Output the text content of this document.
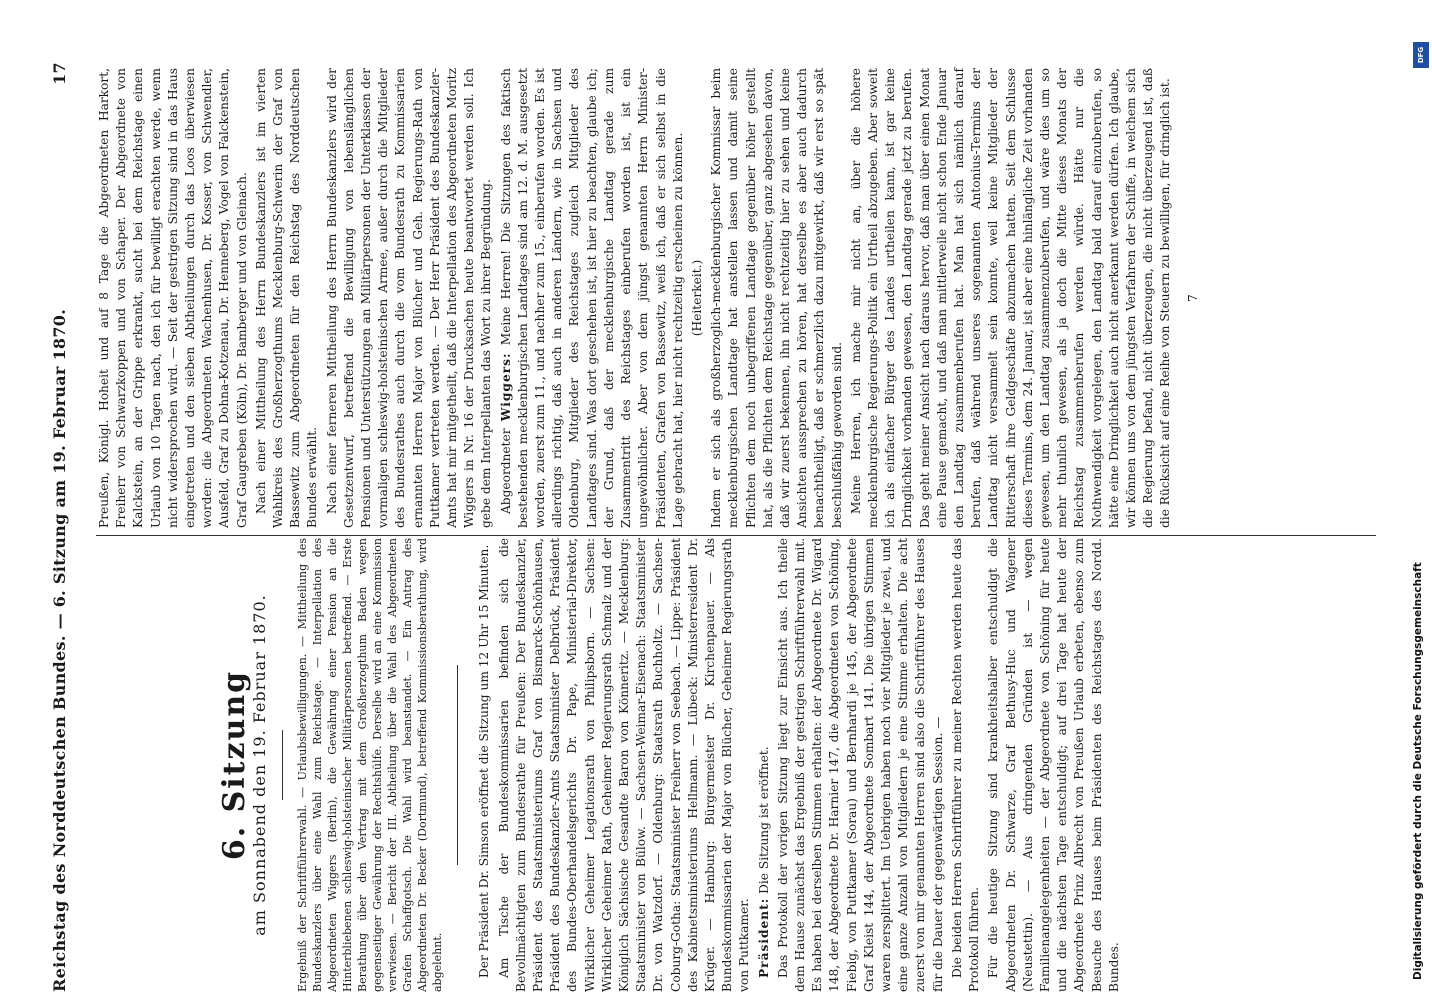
Reichstag des Norddeutschen Bundes. — 6. Sitzung am 19. Februar 1870.
17
6. Sitzung
am Sonnabend den 19. Februar 1870. Ergebniß der Schriftführerwahl. — Urlaubsbewilligungen. — Mittheilung des Bundeskanzlers über eine Wahl zum Reichstage. — Interpellation des Abgeordneten Wiggers (Berlin), die Gewährung einer Pension an die Hinterbliebenen schleswig-holsteinischer Militärpersonen betreffend. — Erste Berathung über den Vertrag mit dem Großherzogthum Baden wegen gegenseitiger Gewährung der Rechtshülfe. Derselbe wird an eine Kommission verwiesen. — Bericht der III. Abtheilung über die Wahl des Abgeordneten Grafen Schaffgotsch. Die Wahl wird beanstandet. — Ein Antrag des Abgeordneten Dr. Becker (Dortmund), betreffend Kommissionsberathung, wird abgelehnt.	Der Präsident Dr. Simson eröffnet die Sitzung um 12 Uhr 15 Minuten. Am Tische der Bundeskommissarien befinden sich die Bevollmächtigten zum Bundesrathe für Preußen: Der Bundeskanzler, Präsident des Staatsministeriums Graf von Bismarck-Schönhausen, Präsident des Bundeskanzler-Amts Staatsminister Delbrück, Präsident des Bundes-Oberhandelsgerichts Dr. Pape, Ministerial-Direktor, Wirklicher Geheimer Legationsrath von Philipsborn. — Sachsen: Wirklicher Geheimer Rath, Geheimer Regierungsrath Schmalz und der Königlich Sächsische Gesandte Baron von Könneritz. — Mecklenburg: Staatsminister von Bülow. — Sachsen-Weimar-Eisenach: Staatsminister Dr. von Watzdorf. — Oldenburg: Staatsrath Buchholtz. — Sachsen-Coburg-Gotha: Staatsminister Freiherr von Seebach. — Lippe: Präsident des Kabinetsministeriums Hellmann. — Lübeck: Ministerresident Dr. Krüger. — Hamburg: Bürgermeister Dr. Kirchenpauer. — Als Bundeskommissarien der Major von Blücher, Geheimer Regierungsrath von Puttkamer. Präsident: Die Sitzung ist eröffnet. Das Protokoll der vorigen Sitzung liegt zur Einsicht aus. Ich theile dem Hause zunächst das Ergebniß der gestrigen Schriftführerwahl mit. Es haben bei derselben Stimmen erhalten: der Abgeordnete Dr. Wigard 148, der Abgeordnete Dr. Harnier 147, die Abgeordneten von Schöning, Fiebig, von Puttkamer (Sorau) und Bernhardi je 145, der Abgeordnete Graf Kleist 144, der Abgeordnete Sombart 141. Die übrigen Stimmen waren zersplittert. Im Uebrigen haben noch vier Mitglieder je zwei, und eine ganze Anzahl von Mitgliedern je eine Stimme erhalten. Die acht zuerst von mir genannten Herren sind also die Schriftführer des Hauses für die Dauer der gegenwärtigen Session. — Die beiden Herren Schriftführer zu meiner Rechten werden heute das Protokoll führen. Für die heutige Sitzung sind krankheitshalber entschuldigt die Abgeordneten Dr. Schwarze, Graf Bethusy-Huc und Wagener (Neustettin). — Aus dringenden Gründen ist — wegen Familienangelegenheiten — der Abgeordnete von Schöning für heute und die nächsten Tage entschuldigt; auf drei Tage hat heute der Abgeordnete Prinz Albrecht von Preußen Urlaub erbeten, ebenso zum Besuche des Hauses beim Präsidenten des Reichstages des Nordd. Bundes.

Preußen, Königl. Hoheit und auf 8 Tage die Abgeordneten Harkort, Freiherr von Schwarzkoppen und von Schaper. Der Abgeordnete von Kalckstein, an der Grippe erkrankt, sucht bei dem Reichstage einen Urlaub von 10 Tagen nach, den ich für bewilligt erachten werde, wenn nicht widersprochen wird. — Seit der gestrigen Sitzung sind in das Haus eingetreten und den sieben Abtheilungen durch das Loos überwiesen worden: die Abgeordneten Wachenhusen, Dr. Kosser, von Schwendler, Ausfeld, Graf zu Dohna-Kotzenau, Dr. Henneberg, Vogel von Falckenstein, Graf Gaugreben (Köln), Dr. Bamberger und von Gleinach. Nach einer Mittheilung des Herrn Bundeskanzlers ist im vierten Wahlkreis des Großherzogthums Mecklenburg-Schwerin der Graf von Bassewitz zum Abgeordneten für den Reichstag des Norddeutschen Bundes erwählt. Nach einer ferneren Mittheilung des Herrn Bundeskanzlers wird der Gesetzentwurf, betreffend die Bewilligung von lebenslänglichen Pensionen und Unterstützungen an Militärpersonen der Unterklassen der vormaligen schleswig-holsteinischen Armee, außer durch die Mitglieder des Bundesrathes auch durch die vom Bundesrath zu Kommissarien ernannten Herren Major von Blücher und Geh. Regierungs-Rath von Puttkamer vertreten werden. — Der Herr Präsident des Bundeskanzler-Amts hat mir mitgetheilt, daß die Interpellation des Abgeordneten Moritz Wiggers in Nr. 16 der Drucksachen heute beantwortet werden soll. Ich gebe dem Interpellanten das Wort zu ihrer Begründung. Abgeordneter Wiggers: Meine Herren! Die Sitzungen des faktisch bestehenden mecklenburgischen Landtages sind am 12. d. M. ausgesetzt worden, zuerst zum 11., und nachher zum 15., einberufen worden. Es ist allerdings richtig, daß auch in anderen Ländern, wie in Sachsen und Oldenburg, Mitglieder des Reichstages zugleich Mitglieder des Landtages sind. Was dort geschehen ist, ist hier zu beachten, glaube ich; der Grund, daß der mecklenburgische Landtag gerade zum Zusammentritt des Reichstages einberufen worden ist, ist ein ungewöhnlicher. Aber von dem jüngst genannten Herrn Minister-Präsidenten, Grafen von Bassewitz, weiß ich, daß er sich selbst in die Lage gebracht hat, hier nicht rechtzeitig erscheinen zu können. (Heiterkeit.) Indem er sich als großherzoglich-mecklenburgischer Kommissar beim mecklenburgischen Landtage hat anstellen lassen und damit seine Pflichten dem noch unbegriffenen Landtage gegenüber höher gestellt hat, als die Pflichten dem Reichstage gegenüber, ganz abgesehen davon, daß wir zuerst bekennen, ihn nicht rechtzeitig hier zu sehen und keine Ansichten aussprechen zu hören, hat derselbe es aber auch dadurch benachtheiligt, daß er schmerzlich dazu mitgewirkt, daß wir erst so spät beschlußfähig geworden sind. Meine Herren, ich mache mir nicht an, über die höhere mecklenburgische Regierungs-Politik ein Urtheil abzugeben. Aber soweit ich als einfacher Bürger des Landes urtheilen kann, ist gar keine Dringlichkeit vorhanden gewesen, den Landtag gerade jetzt zu berufen. Das geht meiner Ansicht nach daraus hervor, daß man über einen Monat eine Pause gemacht, und daß man mittlerweile nicht schon Ende Januar den Landtag zusammenberufen hat. Man hat sich nämlich darauf berufen, daß während unseres sogenannten Antonius-Termins der Landtag nicht versammelt sein konnte, weil keine Mitglieder der Ritterschaft ihre Geldgeschäfte abzumachen hatten. Seit dem Schlusse dieses Termins, dem 24. Januar, ist aber eine hinlängliche Zeit vorhanden gewesen, um den Landtag zusammenzuberufen, und wäre dies um so mehr thunlich gewesen, als ja doch die Mitte dieses Monats der Reichstag zusammenberufen werden würde. Hätte nur die Nothwendigkeit vorgelegen, den Landtag bald darauf einzuberufen, so hätte eine Dringlichkeit auch nicht anerkannt werden dürfen. Ich glaube, wir können uns von dem jüngsten Verfahren der Schiffe, in welchem sich die Regierung befand, nicht überzeugen, die nicht überzeugend ist, daß die Rücksicht auf eine Reihe von Steuern zu bewilligen, für dringlich ist. 7
Digitalisierung gefördert durch die Deutsche Forschungsgemeinschaft
DFG
